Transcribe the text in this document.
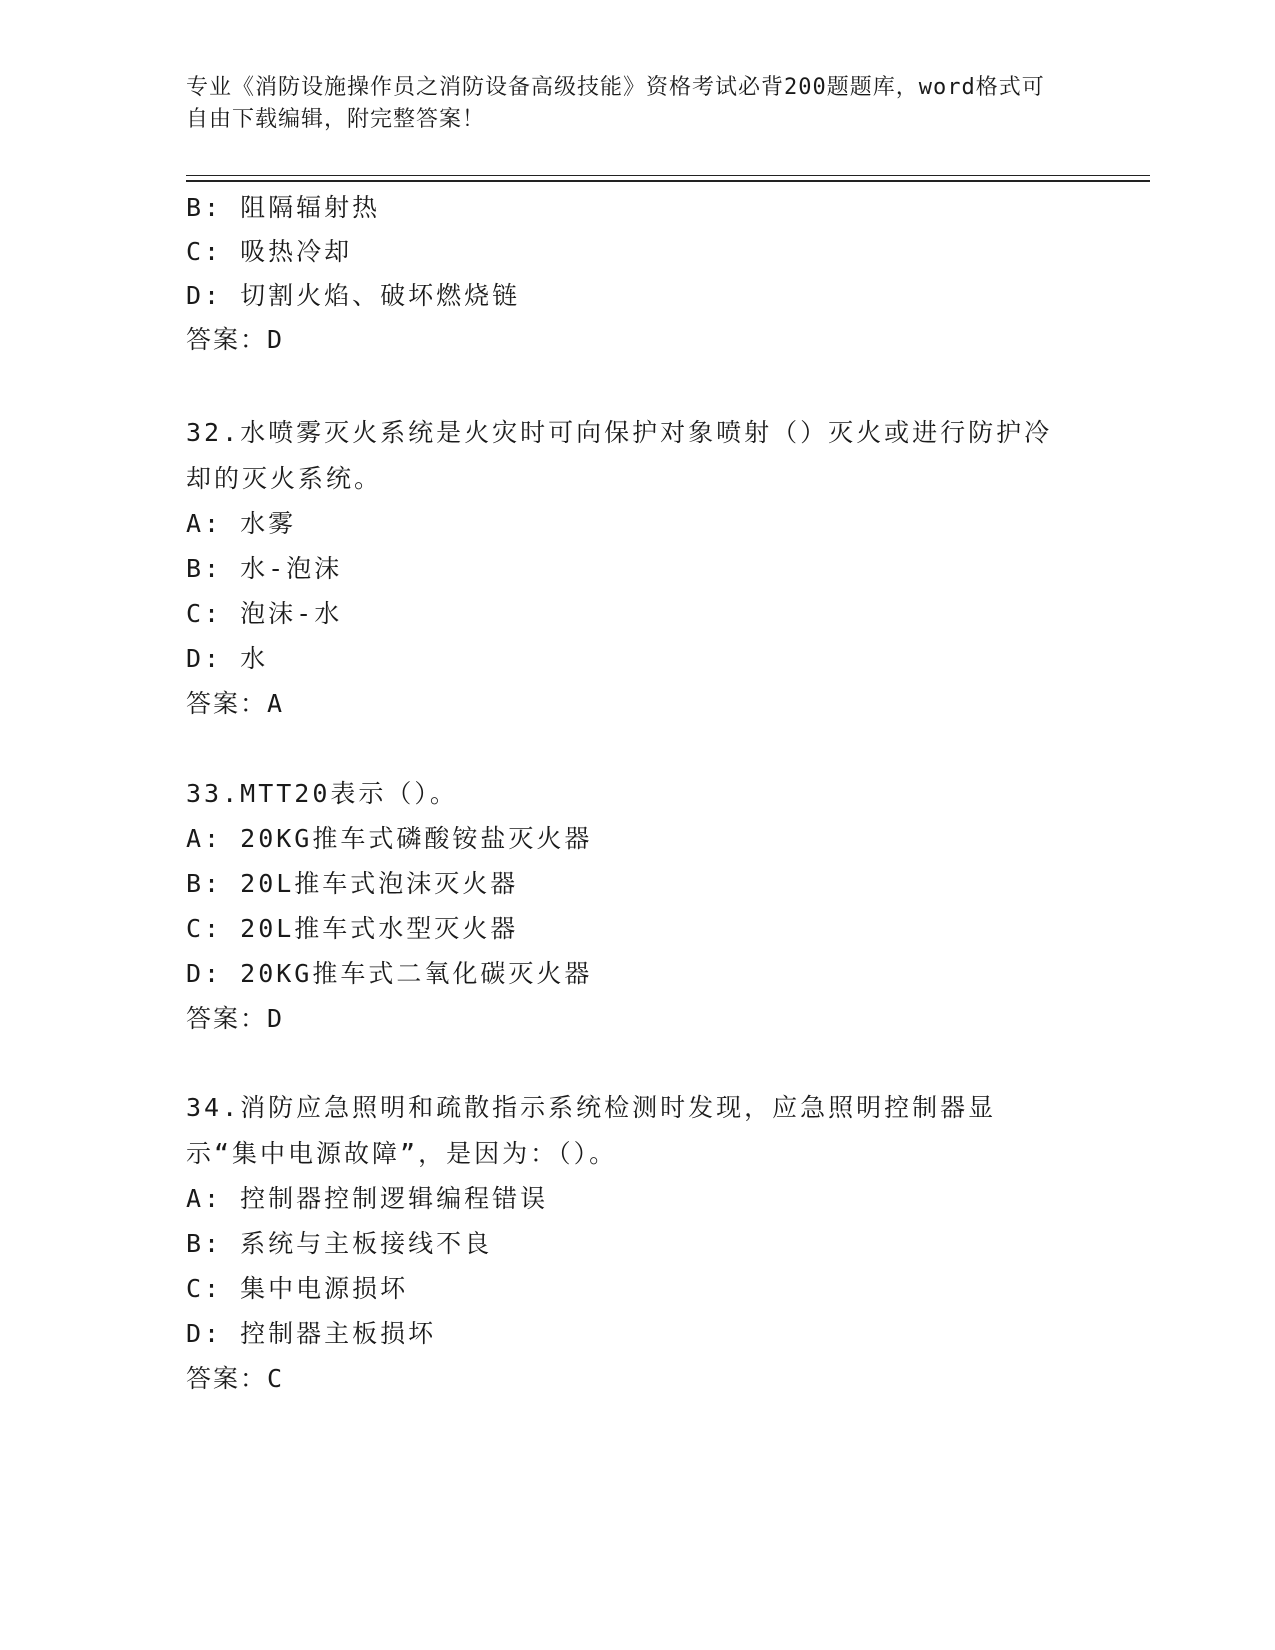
专业《消防设施操作员之消防设备高级技能》资格考试必背200题题库，word格式可自由下载编辑，附完整答案！
B: 阻隔辐射热
C: 吸热冷却
D: 切割火焰、破坏燃烧链
答案：D
32.水喷雾灭火系统是火灾时可向保护对象喷射（）灭火或进行防护冷却的灭火系统。
A: 水雾
B: 水-泡沫
C: 泡沫-水
D: 水
答案：A
33.MTT20表示（）。
A: 20KG推车式磷酸铵盐灭火器
B: 20L推车式泡沫灭火器
C: 20L推车式水型灭火器
D: 20KG推车式二氧化碳灭火器
答案：D
34.消防应急照明和疏散指示系统检测时发现，应急照明控制器显示“集中电源故障”，是因为：（）。
A: 控制器控制逻辑编程错误
B: 系统与主板接线不良
C: 集中电源损坏
D: 控制器主板损坏
答案：C
